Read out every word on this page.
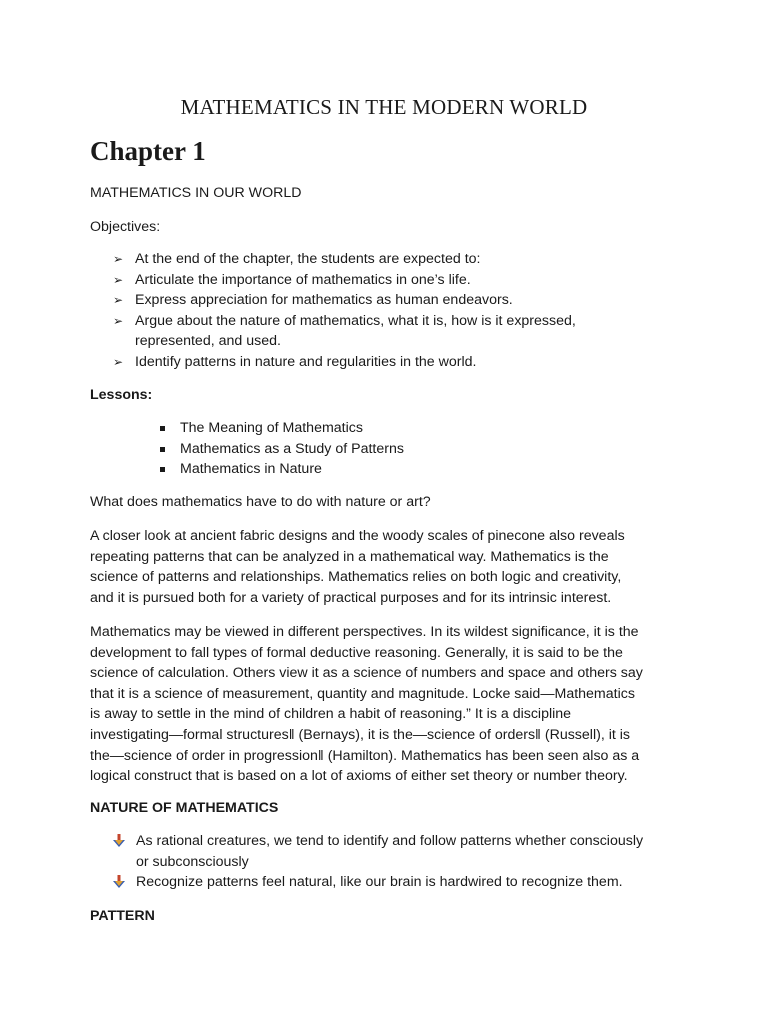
MATHEMATICS IN THE MODERN WORLD
Chapter 1
MATHEMATICS IN OUR WORLD
Objectives:
➢ At the end of the chapter, the students are expected to:
➢ Articulate the importance of mathematics in one’s life.
➢ Express appreciation for mathematics as human endeavors.
➢ Argue about the nature of mathematics, what it is, how is it expressed,
represented, and used.
➢ Identify patterns in nature and regularities in the world.
Lessons:
The Meaning of Mathematics
Mathematics as a Study of Patterns
Mathematics in Nature
What does mathematics have to do with nature or art?
A closer look at ancient fabric designs and the woody scales of pinecone also reveals
repeating patterns that can be analyzed in a mathematical way. Mathematics is the
science of patterns and relationships. Mathematics relies on both logic and creativity,
and it is pursued both for a variety of practical purposes and for its intrinsic interest.
Mathematics may be viewed in different perspectives. In its wildest significance, it is the
development to fall types of formal deductive reasoning. Generally, it is said to be the
science of calculation. Others view it as a science of numbers and space and others say
that it is a science of measurement, quantity and magnitude. Locke said—Mathematics
is away to settle in the mind of children a habit of reasoning.” It is a discipline
investigating—formal structures‖ (Bernays), it is the—science of orders‖ (Russell), it is
the—science of order in progression‖ (Hamilton). Mathematics has been seen also as a
logical construct that is based on a lot of axioms of either set theory or number theory.
NATURE OF MATHEMATICS
As rational creatures, we tend to identify and follow patterns whether consciously
or subconsciously
Recognize patterns feel natural, like our brain is hardwired to recognize them.
PATTERN
